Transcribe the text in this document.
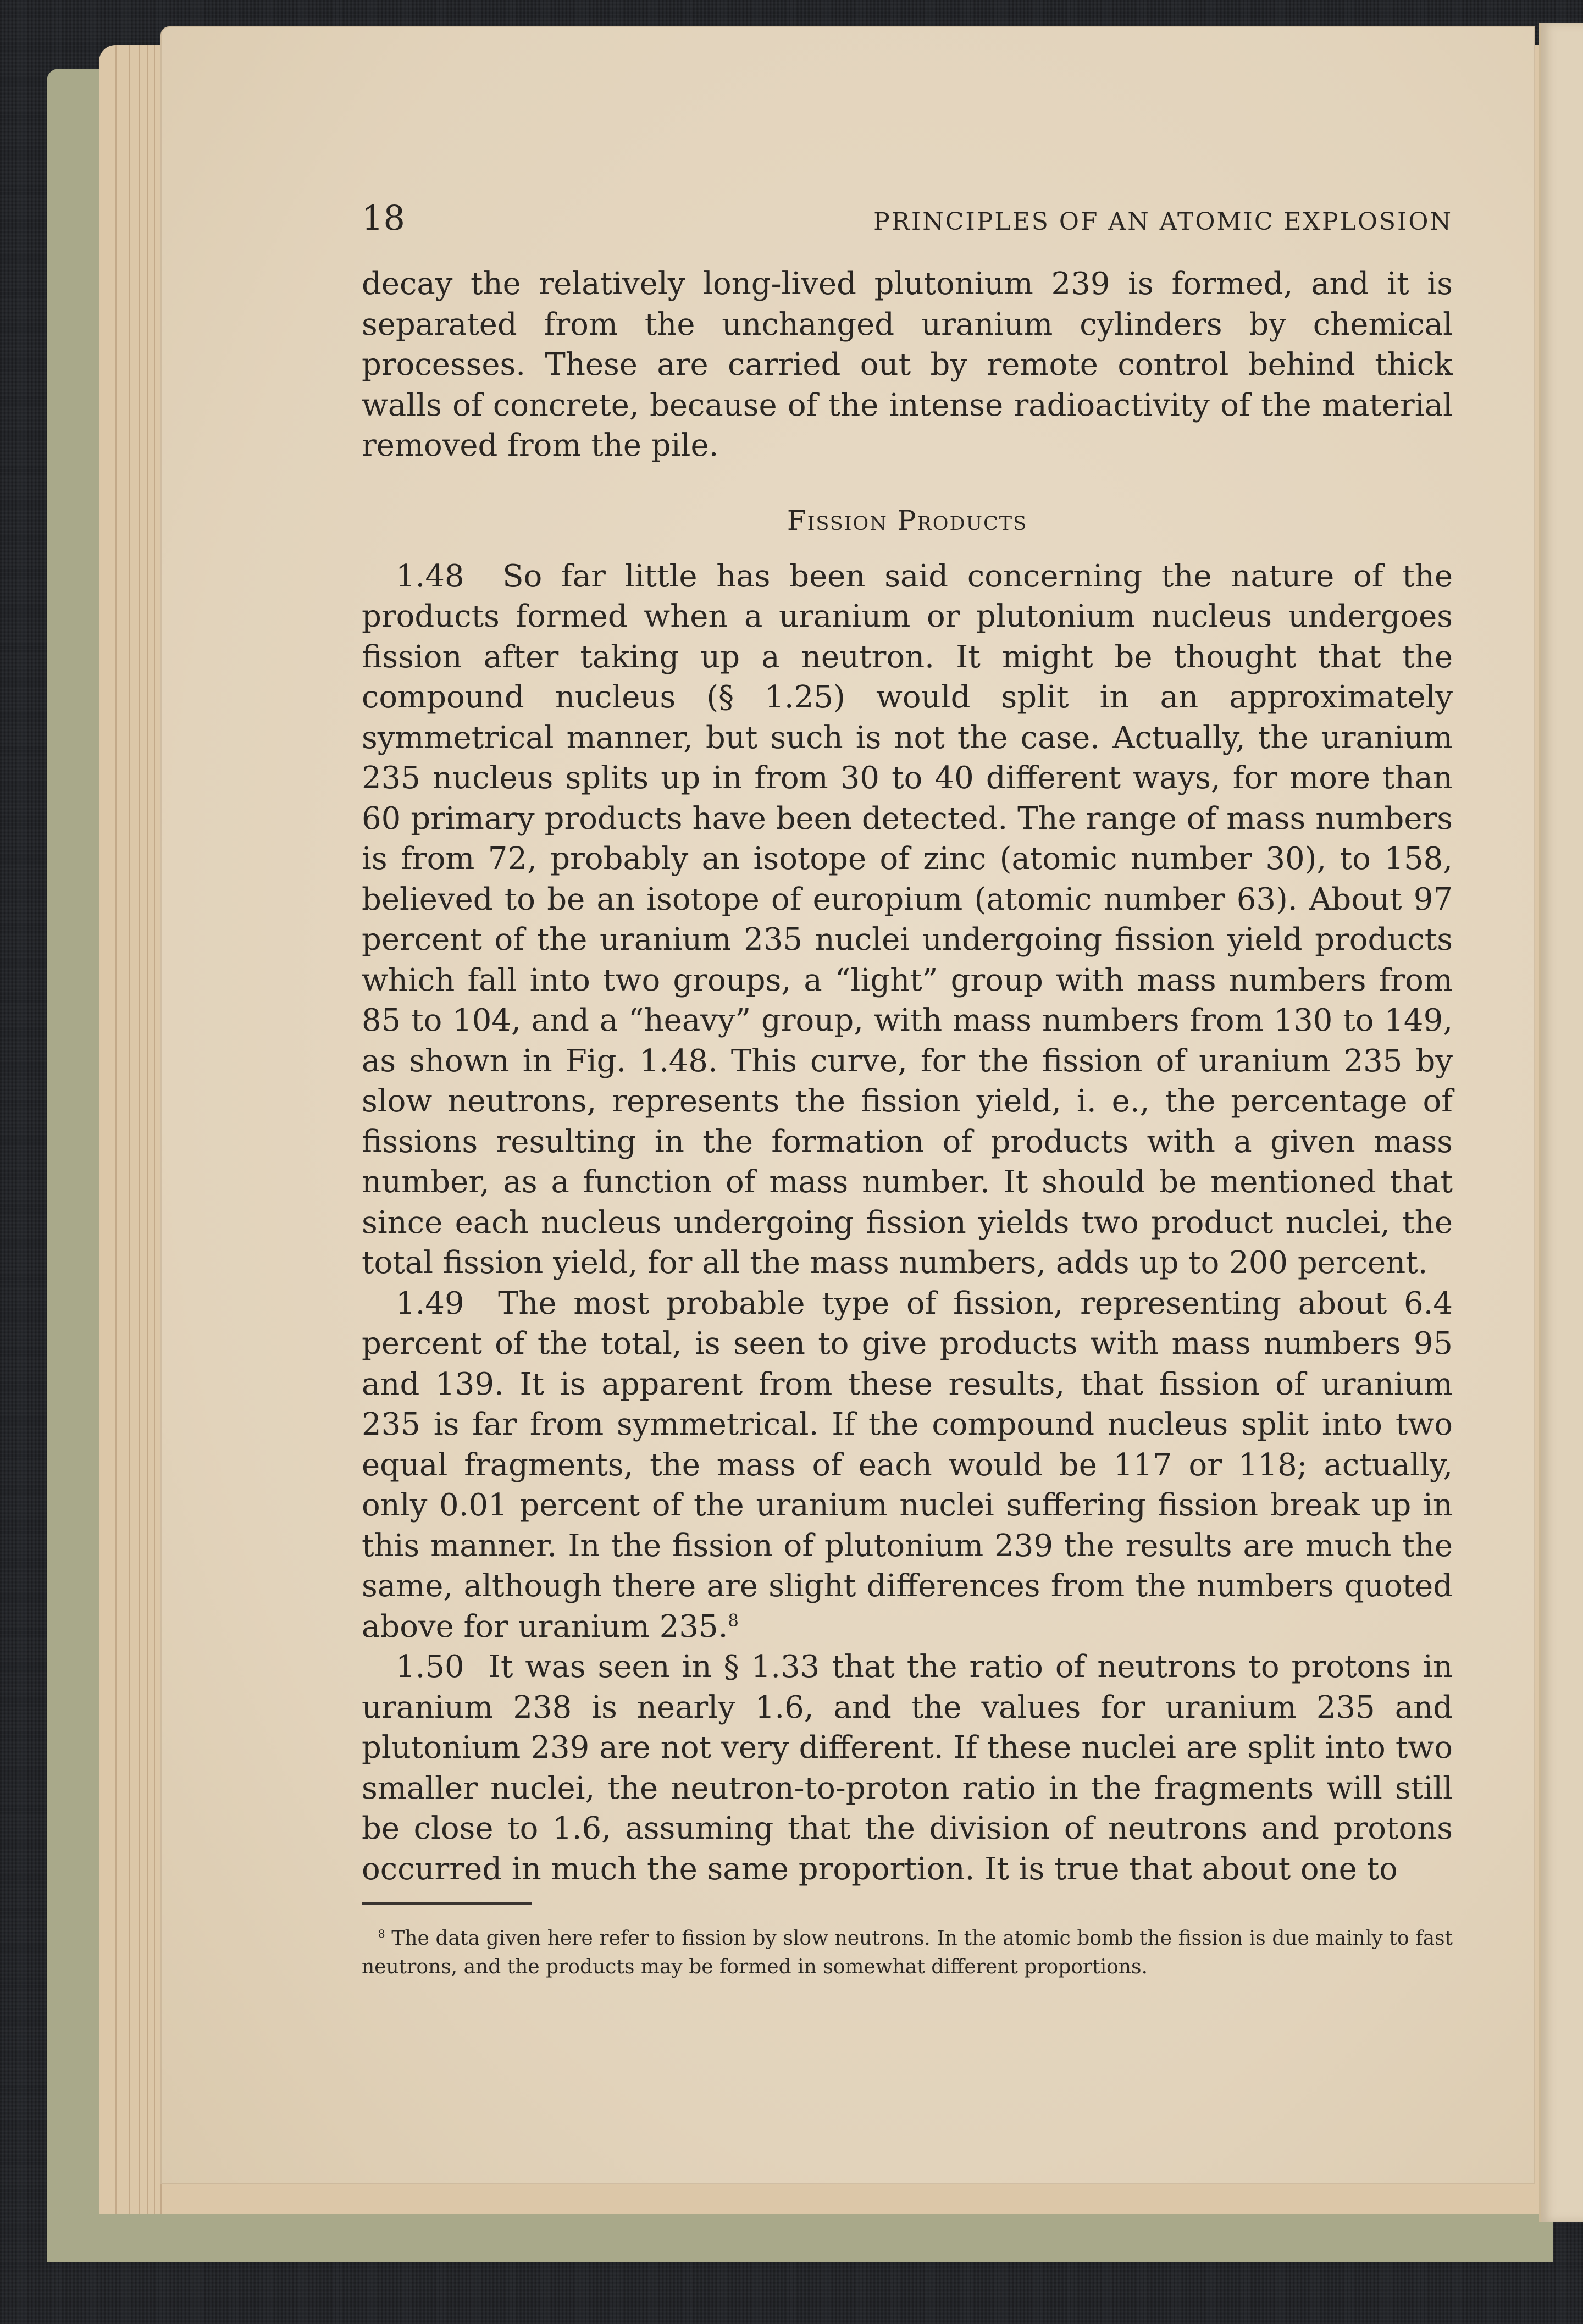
18	PRINCIPLES OF AN ATOMIC EXPLOSION

decay the relatively long-lived plutonium 239 is formed, and it is separated from the unchanged uranium cylinders by chemical processes. These are carried out by remote control behind thick walls of concrete, because of the intense radioactivity of the material removed from the pile.

Fission Products

1.48 So far little has been said concerning the nature of the products formed when a uranium or plutonium nucleus undergoes fission after taking up a neutron. It might be thought that the compound nucleus (§ 1.25) would split in an approximately symmetrical manner, but such is not the case. Actually, the uranium 235 nucleus splits up in from 30 to 40 different ways, for more than 60 primary products have been detected. The range of mass numbers is from 72, probably an isotope of zinc (atomic number 30), to 158, believed to be an isotope of europium (atomic number 63). About 97 percent of the uranium 235 nuclei undergoing fission yield products which fall into two groups, a “light” group with mass numbers from 85 to 104, and a “heavy” group, with mass numbers from 130 to 149, as shown in Fig. 1.48. This curve, for the fission of uranium 235 by slow neutrons, represents the fission yield, i. e., the percentage of fissions resulting in the formation of products with a given mass number, as a function of mass number. It should be mentioned that since each nucleus undergoing fission yields two product nuclei, the total fission yield, for all the mass numbers, adds up to 200 percent.

1.49 The most probable type of fission, representing about 6.4 percent of the total, is seen to give products with mass numbers 95 and 139. It is apparent from these results, that fission of uranium 235 is far from symmetrical. If the compound nucleus split into two equal fragments, the mass of each would be 117 or 118; actually, only 0.01 percent of the uranium nuclei suffering fission break up in this manner. In the fission of plutonium 239 the results are much the same, although there are slight differences from the numbers quoted above for uranium 235.$^8$

1.50 It was seen in § 1.33 that the ratio of neutrons to protons in uranium 238 is nearly 1.6, and the values for uranium 235 and plutonium 239 are not very different. If these nuclei are split into two smaller nuclei, the neutron-to-proton ratio in the fragments will still be close to 1.6, assuming that the division of neutrons and protons occurred in much the same proportion. It is true that about one to

$^8$ The data given here refer to fission by slow neutrons. In the atomic bomb the fission is due mainly to fast neutrons, and the products may be formed in somewhat different proportions.
